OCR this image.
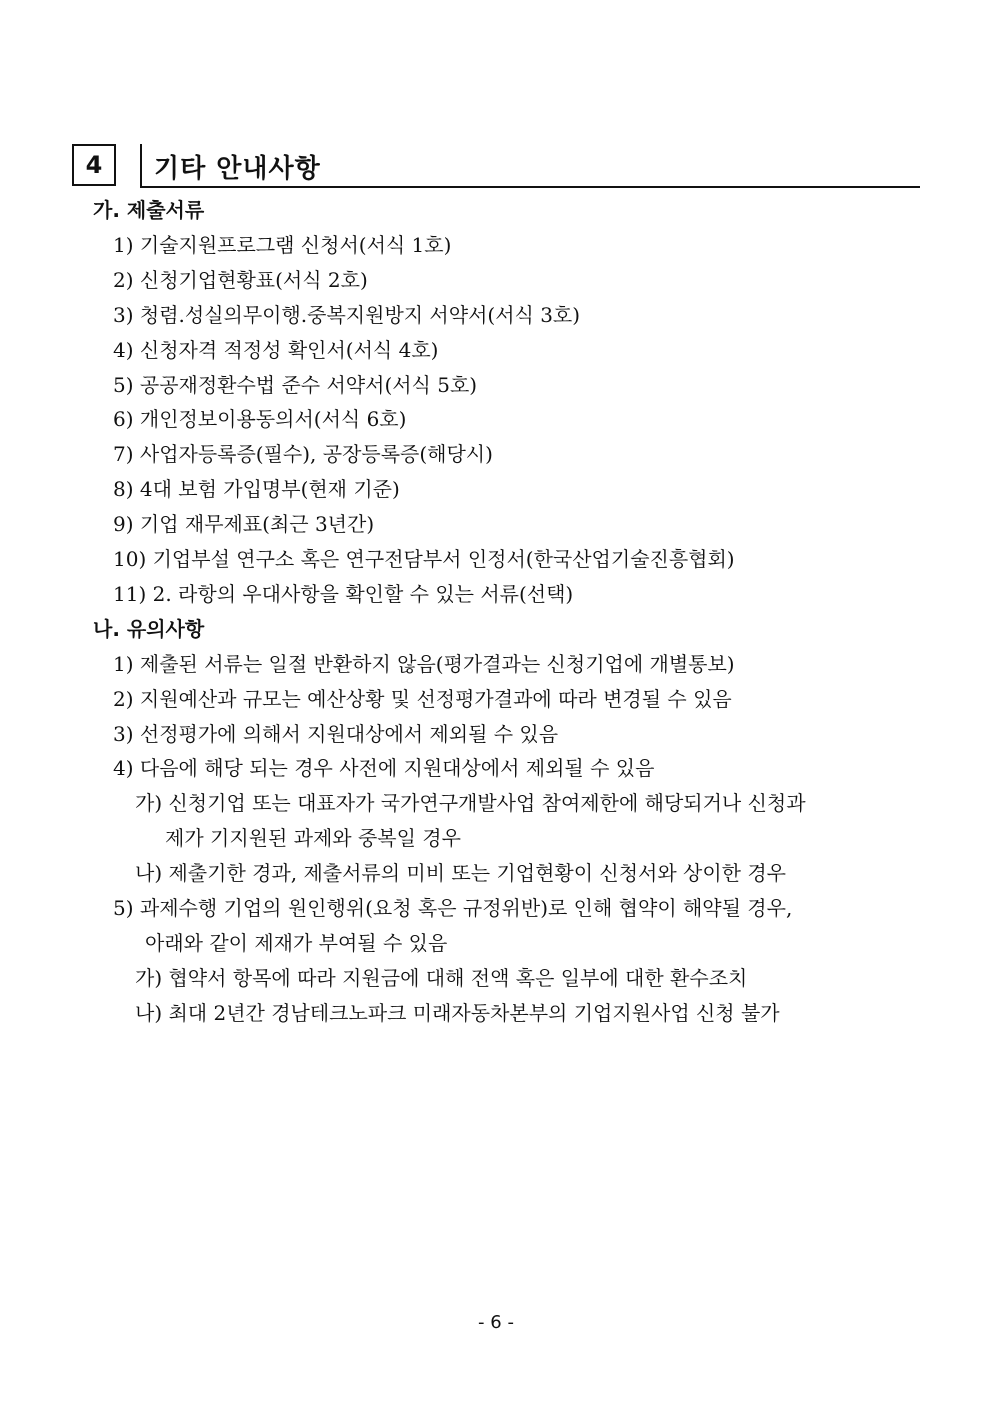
4 기타 안내사항
가. 제출서류
1) 기술지원프로그램 신청서(서식 1호)
2) 신청기업현황표(서식 2호)
3) 청렴.성실의무이행.중복지원방지 서약서(서식 3호)
4) 신청자격 적정성 확인서(서식 4호)
5) 공공재정환수법 준수 서약서(서식 5호)
6) 개인정보이용동의서(서식 6호)
7) 사업자등록증(필수), 공장등록증(해당시)
8) 4대 보험 가입명부(현재 기준)
9) 기업 재무제표(최근 3년간)
10) 기업부설 연구소 혹은 연구전담부서 인정서(한국산업기술진흥협회)
11) 2. 라항의 우대사항을 확인할 수 있는 서류(선택)
나. 유의사항
1) 제출된 서류는 일절 반환하지 않음(평가결과는 신청기업에 개별통보)
2) 지원예산과 규모는 예산상황 및 선정평가결과에 따라 변경될 수 있음
3) 선정평가에 의해서 지원대상에서 제외될 수 있음
4) 다음에 해당 되는 경우 사전에 지원대상에서 제외될 수 있음
가) 신청기업 또는 대표자가 국가연구개발사업 참여제한에 해당되거나 신청과
제가 기지원된 과제와 중복일 경우
나) 제출기한 경과, 제출서류의 미비 또는 기업현황이 신청서와 상이한 경우
5) 과제수행 기업의 원인행위(요청 혹은 규정위반)로 인해 협약이 해약될 경우,
아래와 같이 제재가 부여될 수 있음
가) 협약서 항목에 따라 지원금에 대해 전액 혹은 일부에 대한 환수조치
나) 최대 2년간 경남테크노파크 미래자동차본부의 기업지원사업 신청 불가
- 6 -
